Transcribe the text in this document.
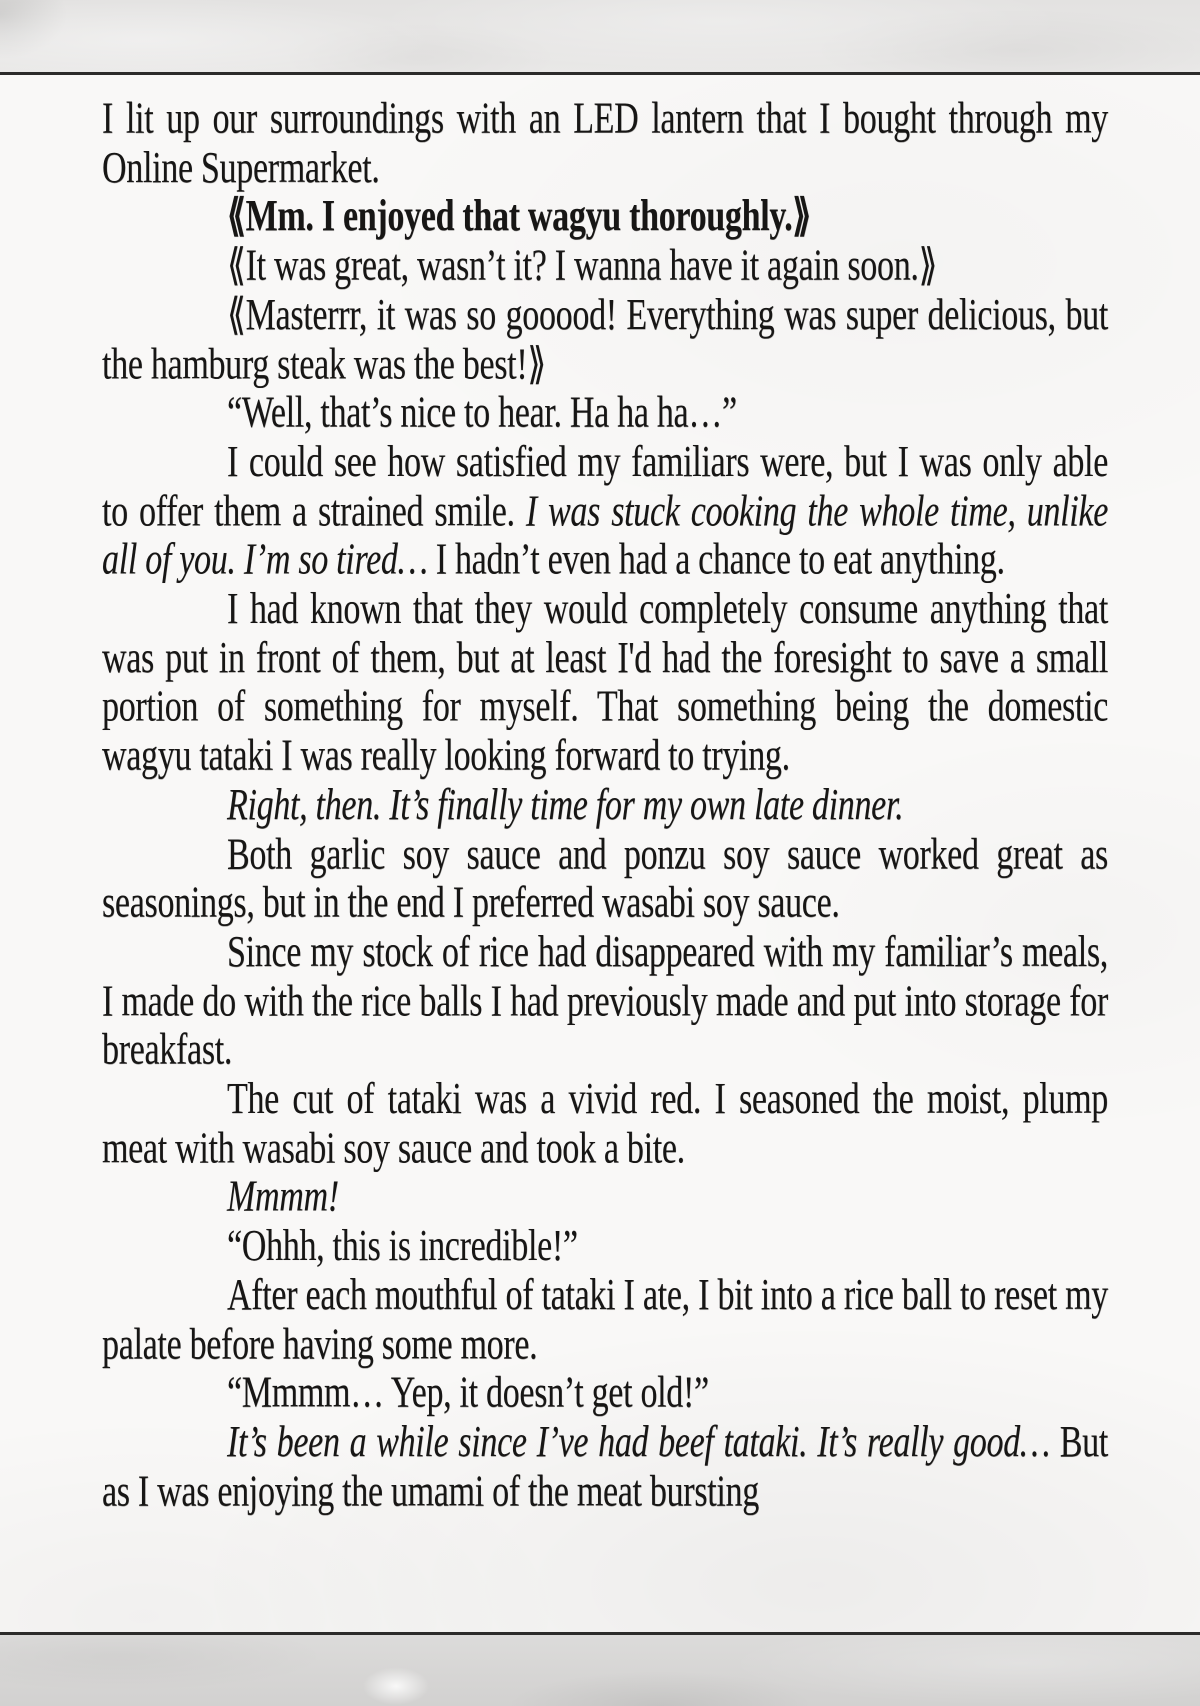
I lit up our surroundings with an LED lantern that I bought through my Online Supermarket.

⟪Mm. I enjoyed that wagyu thoroughly.⟫

⟪It was great, wasn’t it? I wanna have it again soon.⟫

⟪Masterrr, it was so gooood! Everything was super delicious, but the hamburg steak was the best!⟫

“Well, that’s nice to hear. Ha ha ha…”

I could see how satisfied my familiars were, but I was only able to offer them a strained smile. I was stuck cooking the whole time, unlike all of you. I’m so tired… I hadn’t even had a chance to eat anything.

I had known that they would completely consume anything that was put in front of them, but at least I'd had the foresight to save a small portion of something for myself. That something being the domestic wagyu tataki I was really looking forward to trying.

Right, then. It’s finally time for my own late dinner.

Both garlic soy sauce and ponzu soy sauce worked great as seasonings, but in the end I preferred wasabi soy sauce.

Since my stock of rice had disappeared with my familiar’s meals, I made do with the rice balls I had previously made and put into storage for breakfast.

The cut of tataki was a vivid red. I seasoned the moist, plump meat with wasabi soy sauce and took a bite.

Mmmm!

“Ohhh, this is incredible!”

After each mouthful of tataki I ate, I bit into a rice ball to reset my palate before having some more.

“Mmmm… Yep, it doesn’t get old!”

It’s been a while since I’ve had beef tataki. It’s really good… But as I was enjoying the umami of the meat bursting
